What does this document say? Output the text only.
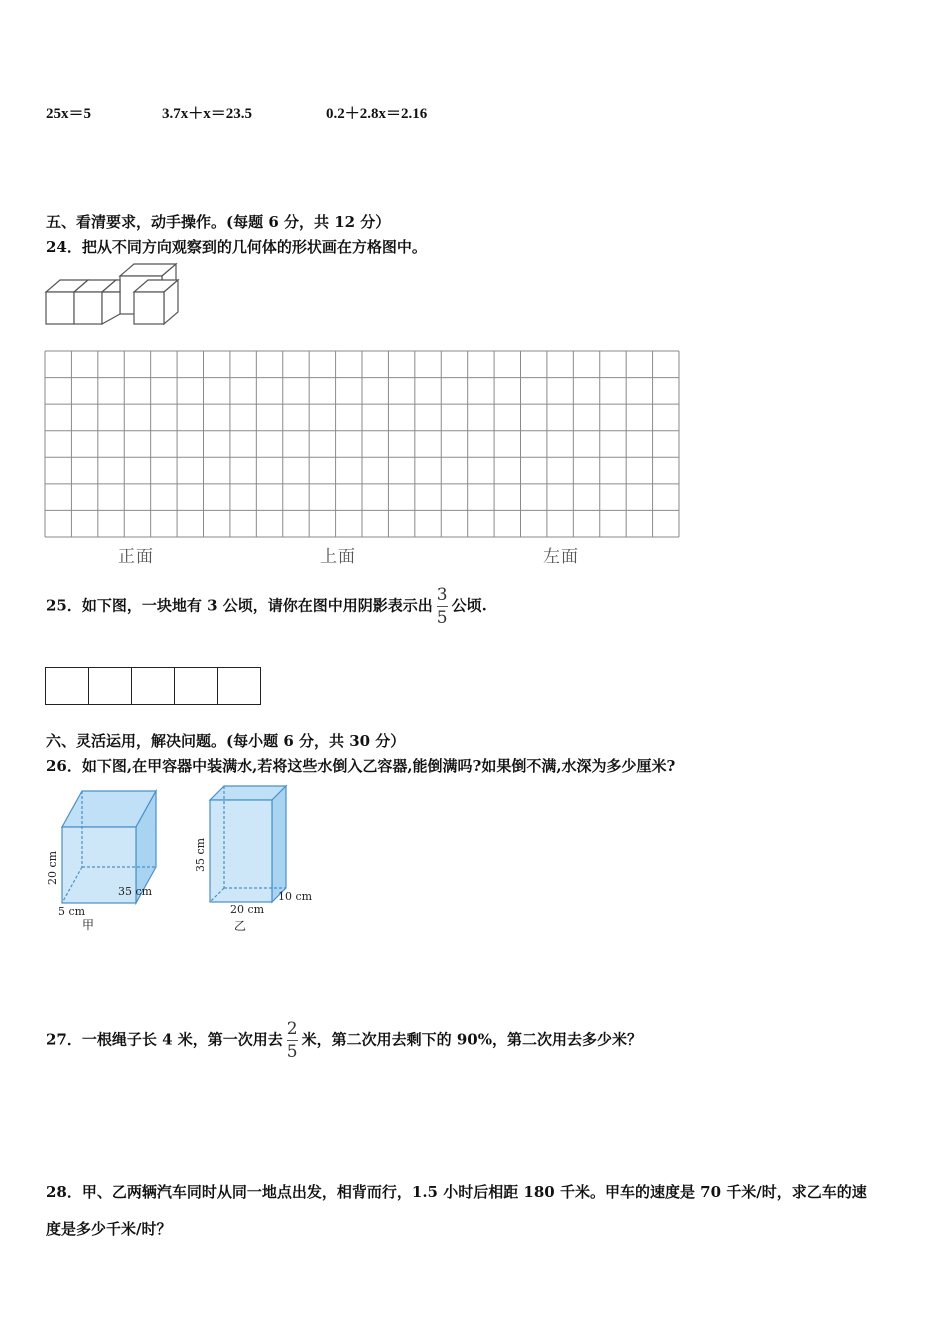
25x＝5	3.7x＋x＝23.5	0.2＋2.8x＝2.16
五、看清要求，动手操作。(每题 6 分，共 12 分）
24．把从不同方向观察到的几何体的形状画在方格图中。
正面	上面	左面
25．如下图，一块地有 3 公顷，请你在图中用阴影表示出 $\frac{3}{5}$ 公顷.
六、灵活运用，解决问题。(每小题 6 分，共 30 分）
26．如下图,在甲容器中装满水,若将这些水倒入乙容器,能倒满吗?如果倒不满,水深为多少厘米?
20 cm
35 cm
5 cm
甲
35 cm
10 cm
20 cm
乙
27．一根绳子长 4 米，第一次用去 $\frac{2}{5}$ 米，第二次用去剩下的 90%，第二次用去多少米？
28．甲、乙两辆汽车同时从同一地点出发，相背而行，1.5 小时后相距 180 千米。甲车的速度是 70 千米/时，求乙车的速
度是多少千米/时？
